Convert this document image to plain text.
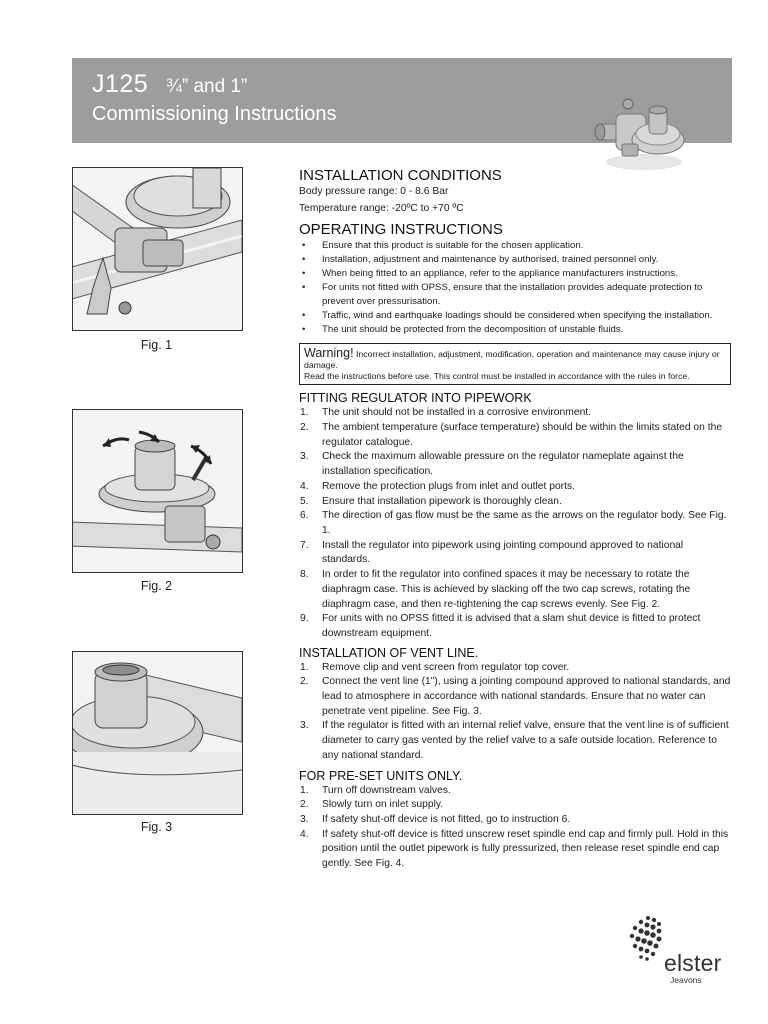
J125 ¾” and 1”
Commissioning Instructions
Fig. 1
Fig. 2
Fig. 3
INSTALLATION CONDITIONS

Body pressure range: 0 - 8.6 Bar

Temperature range: -20ºC to +70 ºC

OPERATING INSTRUCTIONS
• Ensure that this product is suitable for the chosen application.
• Installation, adjustment and maintenance by authorised, trained personnel only.
• When being fitted to an appliance, refer to the appliance manufacturers instructions.
• For units not fitted with OPSS, ensure that the installation provides adequate protection to prevent over pressurisation.
• Traffic, wind and earthquake loadings should be considered when specifying the installation.
• The unit should be protected from the decomposition of unstable fluids.
Warning! Incorrect installation, adjustment, modification, operation and maintenance may cause injury or damage.
Read the instructions before use. This control must be installed in accordance with the rules in force.
FITTING REGULATOR INTO PIPEWORK
1. The unit should not be installed in a corrosive environment.
2. The ambient temperature (surface temperature) should be within the limits stated on the regulator catalogue.
3. Check the maximum allowable pressure on the regulator nameplate against the installation specification.
4. Remove the protection plugs from inlet and outlet ports.
5. Ensure that installation pipework is thoroughly clean.
6. The direction of gas flow must be the same as the arrows on the regulator body. See Fig. 1.
7. Install the regulator into pipework using jointing compound approved to national standards.
8. In order to fit the regulator into confined spaces it may be necessary to rotate the diaphragm case. This is achieved by slacking off the two cap screws, rotating the diaphragm case, and then re-tightening the cap screws evenly. See Fig. 2.
9. For units with no OPSS fitted it is advised that a slam shut device is fitted to protect downstream equipment.
INSTALLATION OF VENT LINE.
1. Remove clip and vent screen from regulator top cover.
2. Connect the vent line (1"), using a jointing compound approved to national standards, and lead to atmosphere in accordance with national standards. Ensure that no water can penetrate vent pipeline. See Fig. 3.
3. If the regulator is fitted with an internal relief valve, ensure that the vent line is of sufficient diameter to carry gas vented by the relief valve to a safe outside location. Reference to any national standard.
FOR PRE-SET UNITS ONLY.
1. Turn off downstream valves.
2. Slowly turn on inlet supply.
3. If safety shut-off device is not fitted, go to instruction 6.
4. If safety shut-off device is fitted unscrew reset spindle end cap and firmly pull. Hold in this position until the outlet pipework is fully pressurized, then release reset spindle end cap gently. See Fig. 4.
elster
Jeavons
